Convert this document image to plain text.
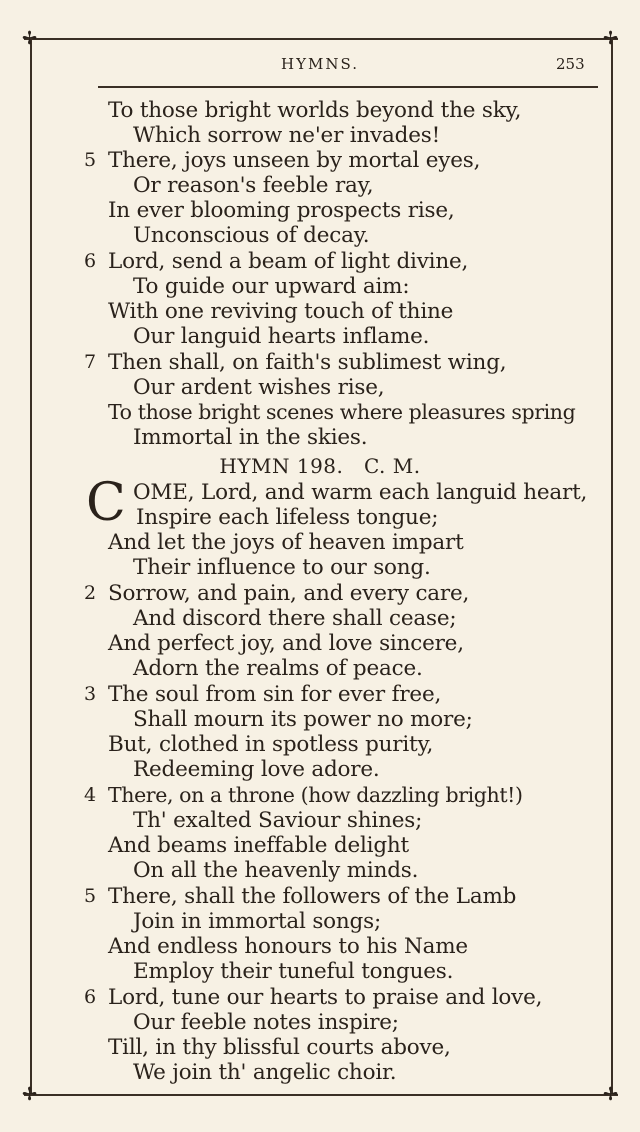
✢	✢
✢	✢
HYMNS.	253
To those bright worlds beyond the sky,
Which sorrow ne'er invades!
5 There, joys unseen by mortal eyes,
Or reason's feeble ray,
In ever blooming prospects rise,
Unconscious of decay.
6 Lord, send a beam of light divine,
To guide our upward aim:
With one reviving touch of thine
Our languid hearts inflame.
7 Then shall, on faith's sublimest wing,
Our ardent wishes rise,
To those bright scenes where pleasures spring
Immortal in the skies.
HYMN 198.   C. M.
OME, Lord, and warm each languid heart,
Inspire each lifeless tongue;
And let the joys of heaven impart
Their influence to our song.
2 Sorrow, and pain, and every care,
And discord there shall cease;
And perfect joy, and love sincere,
Adorn the realms of peace.
3 The soul from sin for ever free,
Shall mourn its power no more;
But, clothed in spotless purity,
Redeeming love adore.
4 There, on a throne (how dazzling bright!)
Th' exalted Saviour shines;
And beams ineffable delight
On all the heavenly minds.
5 There, shall the followers of the Lamb
Join in immortal songs;
And endless honours to his Name
Employ their tuneful tongues.
6 Lord, tune our hearts to praise and love,
Our feeble notes inspire;
Till, in thy blissful courts above,
We join th' angelic choir.
C
